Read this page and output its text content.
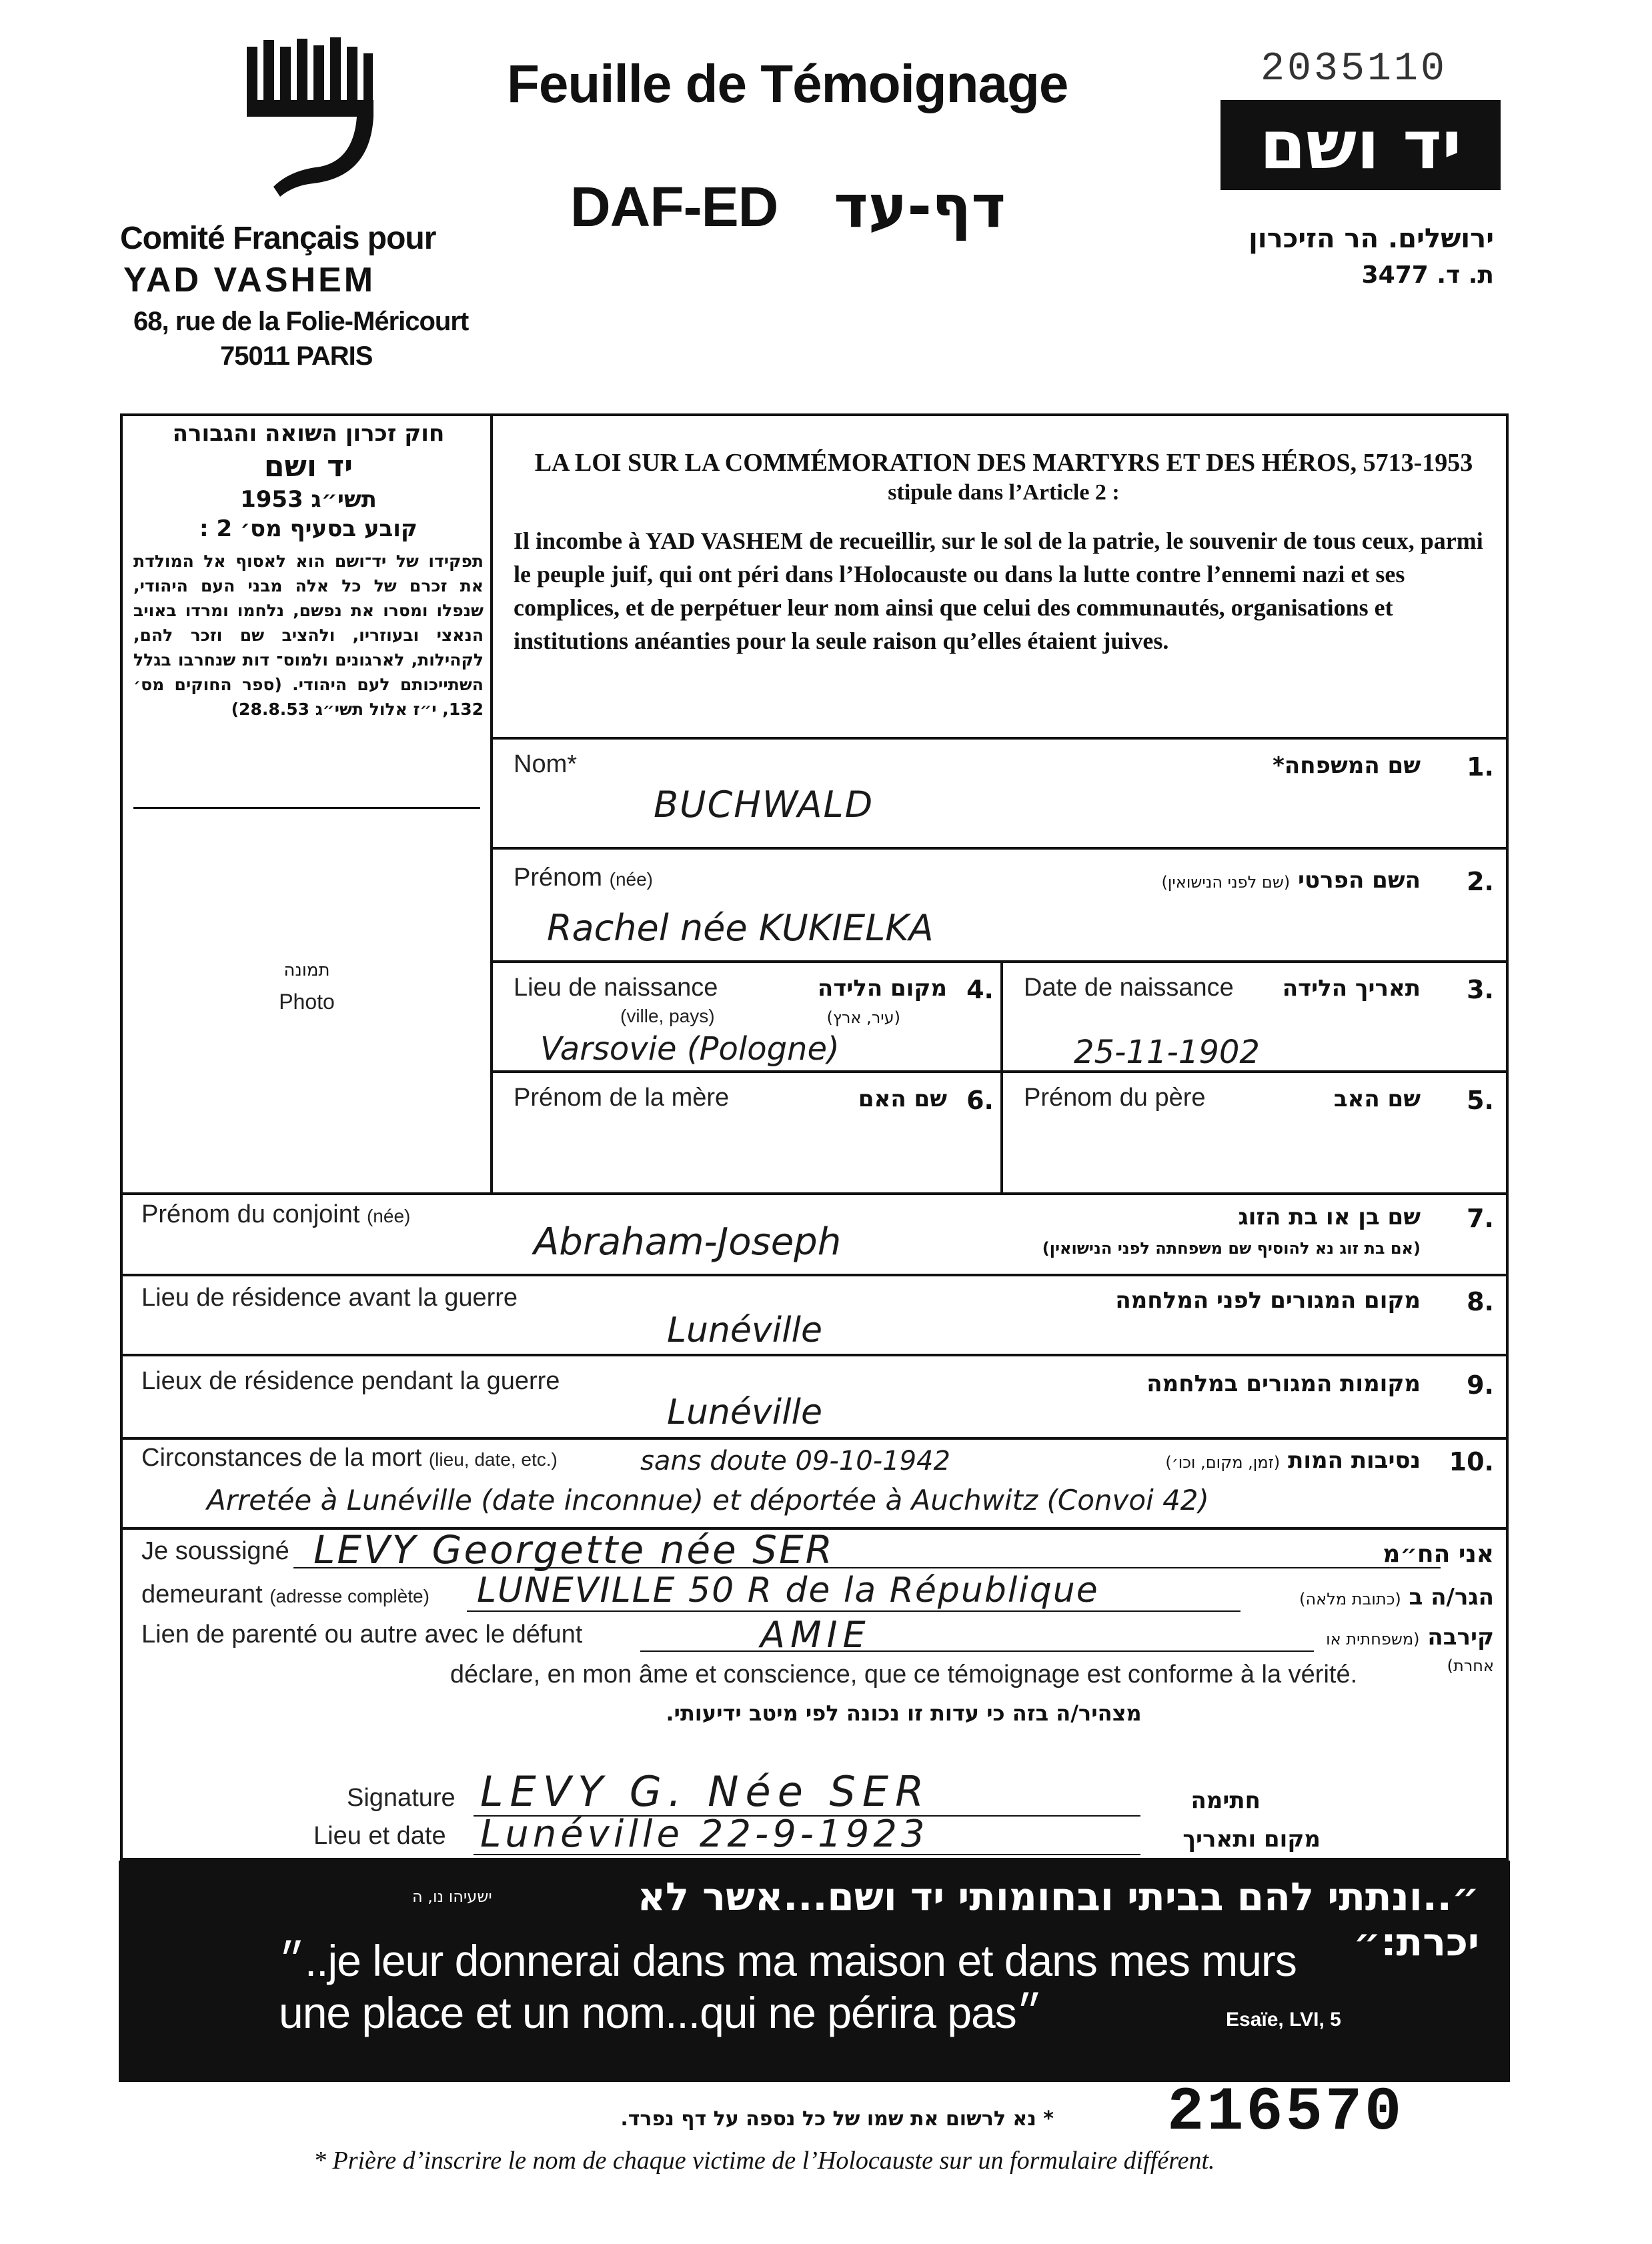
Comité Français pour
YAD VASHEM
68, rue de la Folie-Méricourt
75011 PARIS
Feuille de Témoignage
DAF-ED דף-עד
2035110
יד ושם
ירושלים. הר הזיכרון
ת. ד. 3477
חוק זכרון השואה והגבורה
יד ושם
תשי״ג 1953
קובע בסעיף מס׳ 2 :
תפקידו של יד־ושם הוא לאסוף אל המולדת את זכרם של כל אלה מבני העם היהודי, שנפלו ומסרו את נפשם, נלחמו ומרדו באויב הנאצי ובעוזריו, ולהציב שם וזכר להם, לקהילות, לארגונים ולמוס־ דות שנחרבו בגלל השתייכותם לעם היהודי. (ספר החוקים מס׳ 132, י״ז אלול תשי״ג 28.8.53)
תמונה
Photo
LA LOI SUR LA COMMÉMORATION DES MARTYRS ET DES HÉROS, 5713-1953
stipule dans l’Article 2 :
Il incombe à YAD VASHEM de recueillir, sur le sol de la patrie, le souvenir de tous ceux, parmi le peuple juif, qui ont péri dans l’Holocauste ou dans la lutte contre l’ennemi nazi et ses complices, et de perpétuer leur nom ainsi que celui des communautés, organisations et institutions anéanties pour la seule raison qu’elles étaient juives.
Nom*	שם המשפחה*	1.
BUCHWALD
Prénom (née)	השם הפרטי (שם לפני הנישואין)	2.
Rachel née KUKIELKA
Lieu de naissance
(ville, pays)
מקום הלידה
(עיר, ארץ)
4.
Varsovie (Pologne)
Date de naissance	תאריך הלידה	3.
25-11-1902
Prénom de la mère	שם האם 6. Prénom du père	שם האב	5.
Prénom du conjoint (née)	שם בן או בת הזוג
(אם בת זוג נא להוסיף שם משפחתה לפני הנישואין)
7.
Abraham-Joseph
Lieu de résidence avant la guerre	מקום המגורים לפני המלחמה	8.
Lunéville
Lieux de résidence pendant la guerre	מקומות המגורים במלחמה	9.
Lunéville
Circonstances de la mort (lieu, date, etc.)	נסיבות המות (זמן, מקום, וכו׳)	10.
sans doute 09-10-1942
Arretée à Lunéville (date inconnue) et déportée à Auchwitz (Convoi 42)
Je soussigné LEVY Georgette née SER	אני הח״מ
demeurant (adresse complète) LUNEVILLE 50 R de la République	הגר/ה ב (כתובת מלאה)
Lien de parenté ou autre avec le défunt	AMIE	קירבה (משפחתית או אחרת)
déclare, en mon âme et conscience, que ce témoignage est conforme à la vérité.
מצהיר/ה בזה כי עדות זו נכונה לפי מיטב ידיעותי.
Signature LEVY G. Née SER	חתימה
Lieu et date Lunéville 22-9-1923	מקום ותאריך
״..ונתתי להם בביתי ובחומותי יד ושם...אשר לא יכרת:״
ישעיהו נו, ה
״..je leur donnerai dans ma maison et dans mes murs
une place et un nom...qui ne périra pas״	Esaïe, LVI, 5
* נא לרשום את שמו של כל נספה על דף נפרד. 216570
* Prière d’inscrire le nom de chaque victime de l’Holocauste sur un formulaire différent.
